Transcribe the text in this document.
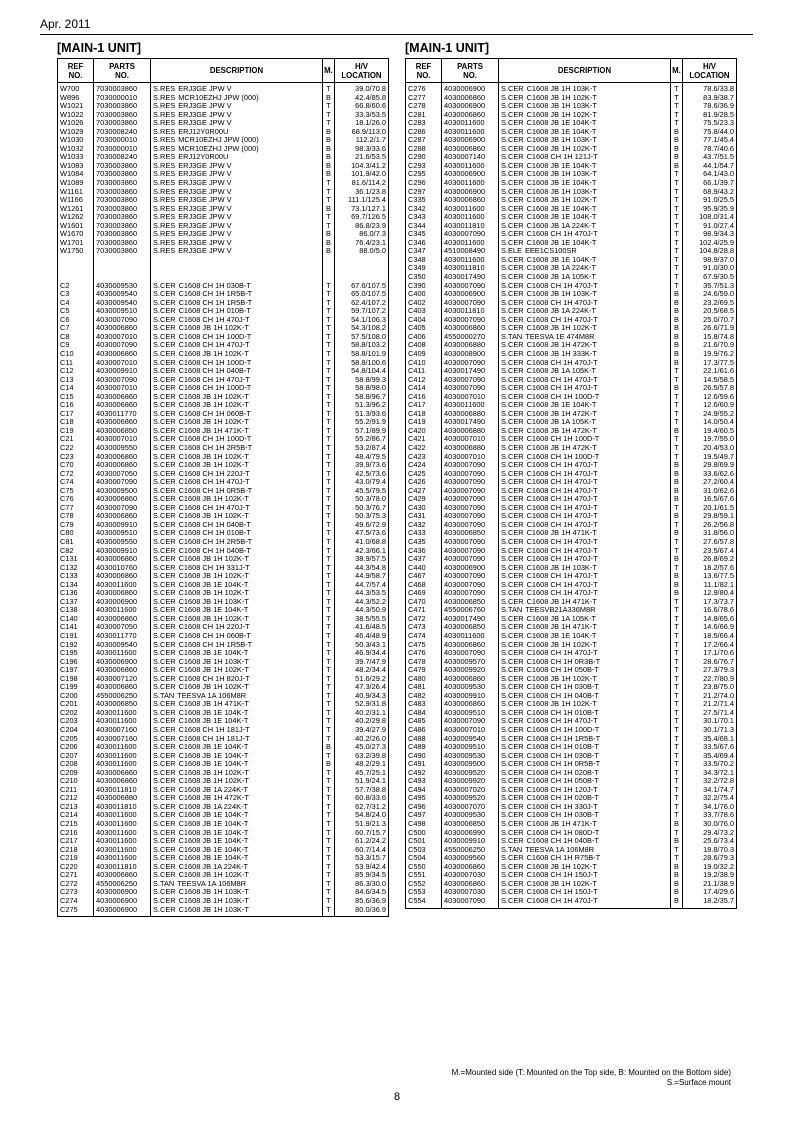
Apr. 2011
[MAIN-1 UNIT]
REF
NO.	PARTS
NO.	DESCRIPTION	M.	H/V
LOCATION
W700	7030003860	S.RES ERJ3GE JPW V	T	39.0/70.8
W896	7030000010	S.RES MCR10EZHJ JPW (000)	B	42.4/85.8
W1021	7030003860	S.RES ERJ3GE JPW V	T	66.8/60.6
W1022	7030003860	S.RES ERJ3GE JPW V	T	33.3/53.5
W1026	7030003860	S.RES ERJ3GE JPW V	T	18.1/26.0
W1029	7030008240	S.RES ERJ12Y0R00U	B	68.9/113.0
W1030	7030000010	S.RES MCR10EZHJ JPW (000)	B	112.2/1.7
W1032	7030000010	S.RES MCR10EZHJ JPW (000)	B	98.3/33.6
W1033	7030008240	S.RES ERJ12Y0R00U	B	21.6/53.5
W1083	7030003860	S.RES ERJ3GE JPW V	B	104.3/41.2
W1084	7030003860	S.RES ERJ3GE JPW V	B	101.9/42.0
W1089	7030003860	S.RES ERJ3GE JPW V	T	81.6/114.2
W1161	7030003860	S.RES ERJ3GE JPW V	T	36.1/23.8
W1166	7030003860	S.RES ERJ3GE JPW V	T	111.1/125.4
W1261	7030003860	S.RES ERJ3GE JPW V	B	73.1/127.1
W1262	7030003860	S.RES ERJ3GE JPW V	T	69.7/126.5
W1601	7030003860	S.RES ERJ3GE JPW V	T	86.8/23.9
W1670	7030003860	S.RES ERJ3GE JPW V	B	86.0/7.3
W1701	7030003860	S.RES ERJ3GE JPW V	B	76.4/23.1
W1750	7030003860	S.RES ERJ3GE JPW V	B	88.0/5.0

C2	4030009530	S.CER C1608 CH 1H 030B-T	T	67.6/107.5
C3	4030009540	S.CER C1608 CH 1H 1R5B-T	T	65.0/107.5
C4	4030009540	S.CER C1608 CH 1H 1R5B-T	T	62.4/107.2
C5	4030009510	S.CER C1608 CH 1H 010B-T	T	59.7/107.2
C6	4030007090	S.CER C1608 CH 1H 470J-T	T	54.1/106.3
C7	4030006860	S.CER C1608 JB 1H 102K-T	T	54.3/108.2
C8	4030007010	S.CER C1608 CH 1H 100D-T	T	57.5/108.0
C9	4030007090	S.CER C1608 CH 1H 470J-T	T	58.8/103.2
C10	4030006860	S.CER C1608 JB 1H 102K-T	T	58.8/101.9
C11	4030007010	S.CER C1608 CH 1H 100D-T	T	58.8/100.6
C12	4030009910	S.CER C1608 CH 1H 040B-T	T	54.8/104.4
C13	4030007090	S.CER C1608 CH 1H 470J-T	T	58.8/99.3
C14	4030007010	S.CER C1608 CH 1H 100D-T	T	58.8/98.0
C15	4030006860	S.CER C1608 JB 1H 102K-T	T	58.8/96.7
C16	4030006860	S.CER C1608 JB 1H 102K-T	T	51.3/96.2
C17	4030011770	S.CER C1608 CH 1H 060B-T	T	51.3/93.6
C18	4030006860	S.CER C1608 JB 1H 102K-T	T	55.2/91.9
C19	4030006850	S.CER C1608 JB 1H 471K-T	T	57.1/89.9
C21	4030007010	S.CER C1608 CH 1H 100D-T	T	55.2/86.7
C22	4030009550	S.CER C1608 CH 1H 2R5B-T	T	53.2/87.4
C23	4030006860	S.CER C1608 JB 1H 102K-T	T	48.4/79.5
C70	4030006860	S.CER C1608 JB 1H 102K-T	T	39.9/73.6
C72	4030007050	S.CER C1608 CH 1H 220J-T	T	42.5/73.6
C74	4030007090	S.CER C1608 CH 1H 470J-T	T	43.0/79.4
C75	4030009500	S.CER C1608 CH 1H 0R5B-T	T	45.5/79.5
C76	4030006860	S.CER C1608 JB 1H 102K-T	T	50.3/78.0
C77	4030007090	S.CER C1608 CH 1H 470J-T	T	50.3/76.7
C78	4030006860	S.CER C1608 JB 1H 102K-T	T	50.3/75.3
C79	4030009910	S.CER C1608 CH 1H 040B-T	T	49.6/72.9
C80	4030009510	S.CER C1608 CH 1H 010B-T	T	47.5/73.6
C81	4030009550	S.CER C1608 CH 1H 2R5B-T	T	41.0/68.8
C82	4030009910	S.CER C1608 CH 1H 040B-T	T	42.3/66.1
C131	4030006860	S.CER C1608 JB 1H 102K-T	T	38.9/57.5
C132	4030010760	S.CER C1608 CH 1H 331J-T	T	44.3/54.8
C133	4030006860	S.CER C1608 JB 1H 102K-T	T	44.9/58.7
C134	4030011600	S.CER C1608 JB 1E 104K-T	T	44.7/57.4
C136	4030006860	S.CER C1608 JB 1H 102K-T	T	44.3/53.5
C137	4030006900	S.CER C1608 JB 1H 103K-T	T	44.3/52.2
C138	4030011600	S.CER C1608 JB 1E 104K-T	T	44.3/50.9
C140	4030006860	S.CER C1608 JB 1H 102K-T	T	38.5/55.5
C141	4030007050	S.CER C1608 CH 1H 220J-T	T	41.6/48.5
C191	4030011770	S.CER C1608 CH 1H 060B-T	T	46.4/48.9
C192	4030009540	S.CER C1608 CH 1H 1R5B-T	T	50.3/43.1
C195	4030011600	S.CER C1608 JB 1E 104K-T	T	46.9/34.4
C196	4030006900	S.CER C1608 JB 1H 103K-T	T	39.7/47.9
C197	4030006860	S.CER C1608 JB 1H 102K-T	T	48.2/34.4
C198	4030007120	S.CER C1608 CH 1H 820J-T	T	51.6/29.2
C199	4030006860	S.CER C1608 JB 1H 102K-T	T	47.3/26.4
C200	4550006250	S.TAN TEESVA 1A 106M8R	T	40.9/34.3
C201	4030006850	S.CER C1608 JB 1H 471K-T	T	52.9/31.8
C202	4030011600	S.CER C1608 JB 1E 104K-T	T	40.2/31.1
C203	4030011600	S.CER C1608 JB 1E 104K-T	T	40.2/29.8
C204	4030007160	S.CER C1608 CH 1H 181J-T	T	39.4/27.9
C205	4030007160	S.CER C1608 CH 1H 181J-T	T	40.2/26.0
C206	4030011600	S.CER C1608 JB 1E 104K-T	B	45.0/27.3
C207	4030011600	S.CER C1608 JB 1E 104K-T	T	63.2/39.8
C208	4030011600	S.CER C1608 JB 1E 104K-T	B	48.2/29.1
C209	4030006860	S.CER C1608 JB 1H 102K-T	T	45.7/25.1
C210	4030006860	S.CER C1608 JB 1H 102K-T	T	51.9/24.1
C211	4030011810	S.CER C1608 JB 1A 224K-T	T	57.7/38.8
C212	4030006880	S.CER C1608 JB 1H 472K-T	T	60.8/33.6
C213	4030011810	S.CER C1608 JB 1A 224K-T	T	62.7/31.2
C214	4030011600	S.CER C1608 JB 1E 104K-T	T	54.8/24.0
C215	4030011600	S.CER C1608 JB 1E 104K-T	T	51.9/21.3
C216	4030011600	S.CER C1608 JB 1E 104K-T	T	60.7/15.7
C217	4030011600	S.CER C1608 JB 1E 104K-T	T	61.2/24.2
C218	4030011600	S.CER C1608 JB 1E 104K-T	T	60.7/14.4
C219	4030011600	S.CER C1608 JB 1E 104K-T	T	53.3/15.7
C220	4030011810	S.CER C1608 JB 1A 224K-T	T	53.9/42.4
C271	4030006860	S.CER C1608 JB 1H 102K-T	T	85.9/34.5
C272	4550006250	S.TAN TEESVA 1A 106M8R	T	86.3/30.0
C273	4030006900	S.CER C1608 JB 1H 103K-T	T	84.6/34.5
C274	4030006900	S.CER C1608 JB 1H 103K-T	T	85.6/36.9
C275	4030006900	S.CER C1608 JB 1H 103K-T	T	80.0/36.9
[MAIN-1 UNIT]
REF
NO.	PARTS
NO.	DESCRIPTION	M.	H/V
LOCATION
C276	4030006900	S.CER C1608 JB 1H 103K-T	T	78.6/33.8
C277	4030006860	S.CER C1608 JB 1H 102K-T	T	83.9/38.7
C278	4030006900	S.CER C1608 JB 1H 103K-T	T	78.6/36.9
C281	4030006860	S.CER C1608 JB 1H 102K-T	T	81.9/28.5
C283	4030011600	S.CER C1608 JB 1E 104K-T	T	75.5/23.3
C286	4030011600	S.CER C1608 JB 1E 104K-T	B	75.8/44.0
C287	4030006900	S.CER C1608 JB 1H 103K-T	B	77.1/45.4
C288	4030006860	S.CER C1608 JB 1H 102K-T	B	78.7/40.6
C290	4030007140	S.CER C1608 CH 1H 121J-T	B	43.7/51.5
C293	4030011600	S.CER C1608 JB 1E 104K-T	B	44.1/54.7
C295	4030006900	S.CER C1608 JB 1H 103K-T	T	64.1/43.0
C296	4030011600	S.CER C1608 JB 1E 104K-T	T	66.1/39.7
C297	4030006900	S.CER C1608 JB 1H 103K-T	T	68.9/43.2
C335	4030006860	S.CER C1608 JB 1H 102K-T	T	91.0/25.5
C342	4030011600	S.CER C1608 JB 1E 104K-T	T	95.9/35.9
C343	4030011600	S.CER C1608 JB 1E 104K-T	T	108.0/31.4
C344	4030011810	S.CER C1608 JB 1A 224K-T	T	91.0/27.4
C345	4030007090	S.CER C1608 CH 1H 470J-T	T	98.9/34.3
C346	4030011600	S.CER C1608 JB 1E 104K-T	T	102.4/25.9
C347	4510008490	S.ELE EEE1CS100SR	T	104.8/28.8
C348	4030011600	S.CER C1608 JB 1E 104K-T	T	98.9/37.0
C349	4030011810	S.CER C1608 JB 1A 224K-T	T	91.0/30.0
C350	4030017490	S.CER C1608 JB 1A 105K-T	T	67.9/30.5
C390	4030007090	S.CER C1608 CH 1H 470J-T	T	35.7/51.3
C400	4030006900	S.CER C1608 JB 1H 103K-T	B	24.6/59.0
C402	4030007090	S.CER C1608 CH 1H 470J-T	B	23.2/69.5
C403	4030011810	S.CER C1608 JB 1A 224K-T	B	20.5/68.5
C404	4030007090	S.CER C1608 CH 1H 470J-T	B	25.0/70.7
C405	4030006860	S.CER C1608 JB 1H 102K-T	B	26.6/71.9
C406	4550000270	S.TAN TEESVA 1E 474M8R	B	15.8/74.8
C408	4030006880	S.CER C1608 JB 1H 472K-T	B	21.6/70.9
C409	4030008900	S.CER C1608 JB 1H 333K-T	B	19.9/76.2
C410	4030007090	S.CER C1608 CH 1H 470J-T	B	17.3/77.5
C411	4030017490	S.CER C1608 JB 1A 105K-T	T	22.1/61.6
C412	4030007090	S.CER C1608 CH 1H 470J-T	T	14.5/58.5
C414	4030007090	S.CER C1608 CH 1H 470J-T	B	26.5/57.8
C416	4030007010	S.CER C1608 CH 1H 100D-T	T	12.6/59.6
C417	4030011600	S.CER C1608 JB 1E 104K-T	T	12.6/60.9
C418	4030006880	S.CER C1608 JB 1H 472K-T	T	24.9/55.2
C419	4030017490	S.CER C1608 JB 1A 105K-T	T	14.0/50.4
C420	4030006880	S.CER C1608 JB 1H 472K-T	B	19.4/60.5
C421	4030007010	S.CER C1608 CH 1H 100D-T	T	19.7/55.0
C422	4030006880	S.CER C1608 JB 1H 472K-T	T	20.4/53.0
C423	4030007010	S.CER C1608 CH 1H 100D-T	T	19.5/49.7
C424	4030007090	S.CER C1608 CH 1H 470J-T	B	29.8/69.9
C425	4030007090	S.CER C1608 CH 1H 470J-T	B	33.6/62.6
C426	4030007090	S.CER C1608 CH 1H 470J-T	B	27.2/60.4
C427	4030007090	S.CER C1608 CH 1H 470J-T	B	31.0/62.6
C429	4030007090	S.CER C1608 CH 1H 470J-T	B	16.5/67.6
C430	4030007090	S.CER C1608 CH 1H 470J-T	T	20.1/61.5
C431	4030007090	S.CER C1608 CH 1H 470J-T	B	29.8/59.1
C432	4030007090	S.CER C1608 CH 1H 470J-T	T	26.2/56.8
C433	4030006850	S.CER C1608 JB 1H 471K-T	B	31.8/56.0
C435	4030007090	S.CER C1608 CH 1H 470J-T	T	27.6/57.8
C436	4030007090	S.CER C1608 CH 1H 470J-T	T	23.5/67.4
C437	4030007090	S.CER C1608 CH 1H 470J-T	B	26.8/69.2
C440	4030006900	S.CER C1608 JB 1H 103K-T	T	18.2/57.6
C467	4030007090	S.CER C1608 CH 1H 470J-T	B	13.6/77.5
C468	4030007090	S.CER C1608 CH 1H 470J-T	B	11.1/82.1
C469	4030007090	S.CER C1608 CH 1H 470J-T	B	12.9/80.4
C470	4030006850	S.CER C1608 JB 1H 471K-T	T	17.3/73.7
C471	4550006760	S.TAN TEESVB21A336M8R	T	16.6/78.6
C472	4030017490	S.CER C1608 JB 1A 105K-T	T	14.8/65.6
C473	4030006850	S.CER C1608 JB 1H 471K-T	T	14.6/66.9
C474	4030011600	S.CER C1608 JB 1E 104K-T	T	18.5/66.4
C475	4030006860	S.CER C1608 JB 1H 102K-T	T	17.2/66.4
C476	4030007090	S.CER C1608 CH 1H 470J-T	T	17.1/70.6
C478	4030009570	S.CER C1608 CH 1H 0R3B-T	T	28.6/76.7
C479	4030009920	S.CER C1608 CH 1H 050B-T	T	27.3/79.3
C480	4030006860	S.CER C1608 JB 1H 102K-T	T	22.7/80.9
C481	4030009530	S.CER C1608 CH 1H 030B-T	T	23.8/75.0
C482	4030009910	S.CER C1608 CH 1H 040B-T	T	21.2/74.0
C483	4030006860	S.CER C1608 JB 1H 102K-T	T	21.2/71.4
C484	4030009510	S.CER C1608 CH 1H 010B-T	T	27.5/71.4
C485	4030007090	S.CER C1608 CH 1H 470J-T	T	30.1/70.1
C486	4030007010	S.CER C1608 CH 1H 100D-T	T	30.1/71.3
C488	4030009540	S.CER C1608 CH 1H 1R5B-T	T	35.4/68.1
C489	4030009510	S.CER C1608 CH 1H 010B-T	T	33.5/67.6
C490	4030009530	S.CER C1608 CH 1H 030B-T	T	35.4/69.4
C491	4030009500	S.CER C1608 CH 1H 0R5B-T	T	33.5/70.2
C492	4030009520	S.CER C1608 CH 1H 020B-T	T	34.3/72.1
C493	4030009920	S.CER C1608 CH 1H 050B-T	T	32.2/72.8
C494	4030007020	S.CER C1608 CH 1H 120J-T	T	34.1/74.7
C495	4030009520	S.CER C1608 CH 1H 020B-T	T	32.2/75.4
C496	4030007070	S.CER C1608 CH 1H 330J-T	T	34.1/76.0
C497	4030009530	S.CER C1608 CH 1H 030B-T	T	33.7/78.6
C498	4030006850	S.CER C1608 JB 1H 471K-T	B	30.0/76.0
C500	4030006990	S.CER C1608 CH 1H 080D-T	T	29.4/73.2
C501	4030009910	S.CER C1608 CH 1H 040B-T	B	25.6/73.4
C503	4550006250	S.TAN TEESVA 1A 106M8R	T	18.8/70.3
C504	4030009560	S.CER C1608 CH 1H R75B-T	T	28.6/79.3
C550	4030006860	S.CER C1608 JB 1H 102K-T	B	19.0/32.2
C551	4030007030	S.CER C1608 CH 1H 150J-T	B	19.2/38.9
C552	4030006860	S.CER C1608 JB 1H 102K-T	B	21.1/38.9
C553	4030007030	S.CER C1608 CH 1H 150J-T	B	17.4/29.6
C554	4030007090	S.CER C1608 CH 1H 470J-T	B	18.2/35.7
M.=Mounted side (T: Mounted on the Top side, B: Mounted on the Bottom side)
S.=Surface mount
8
